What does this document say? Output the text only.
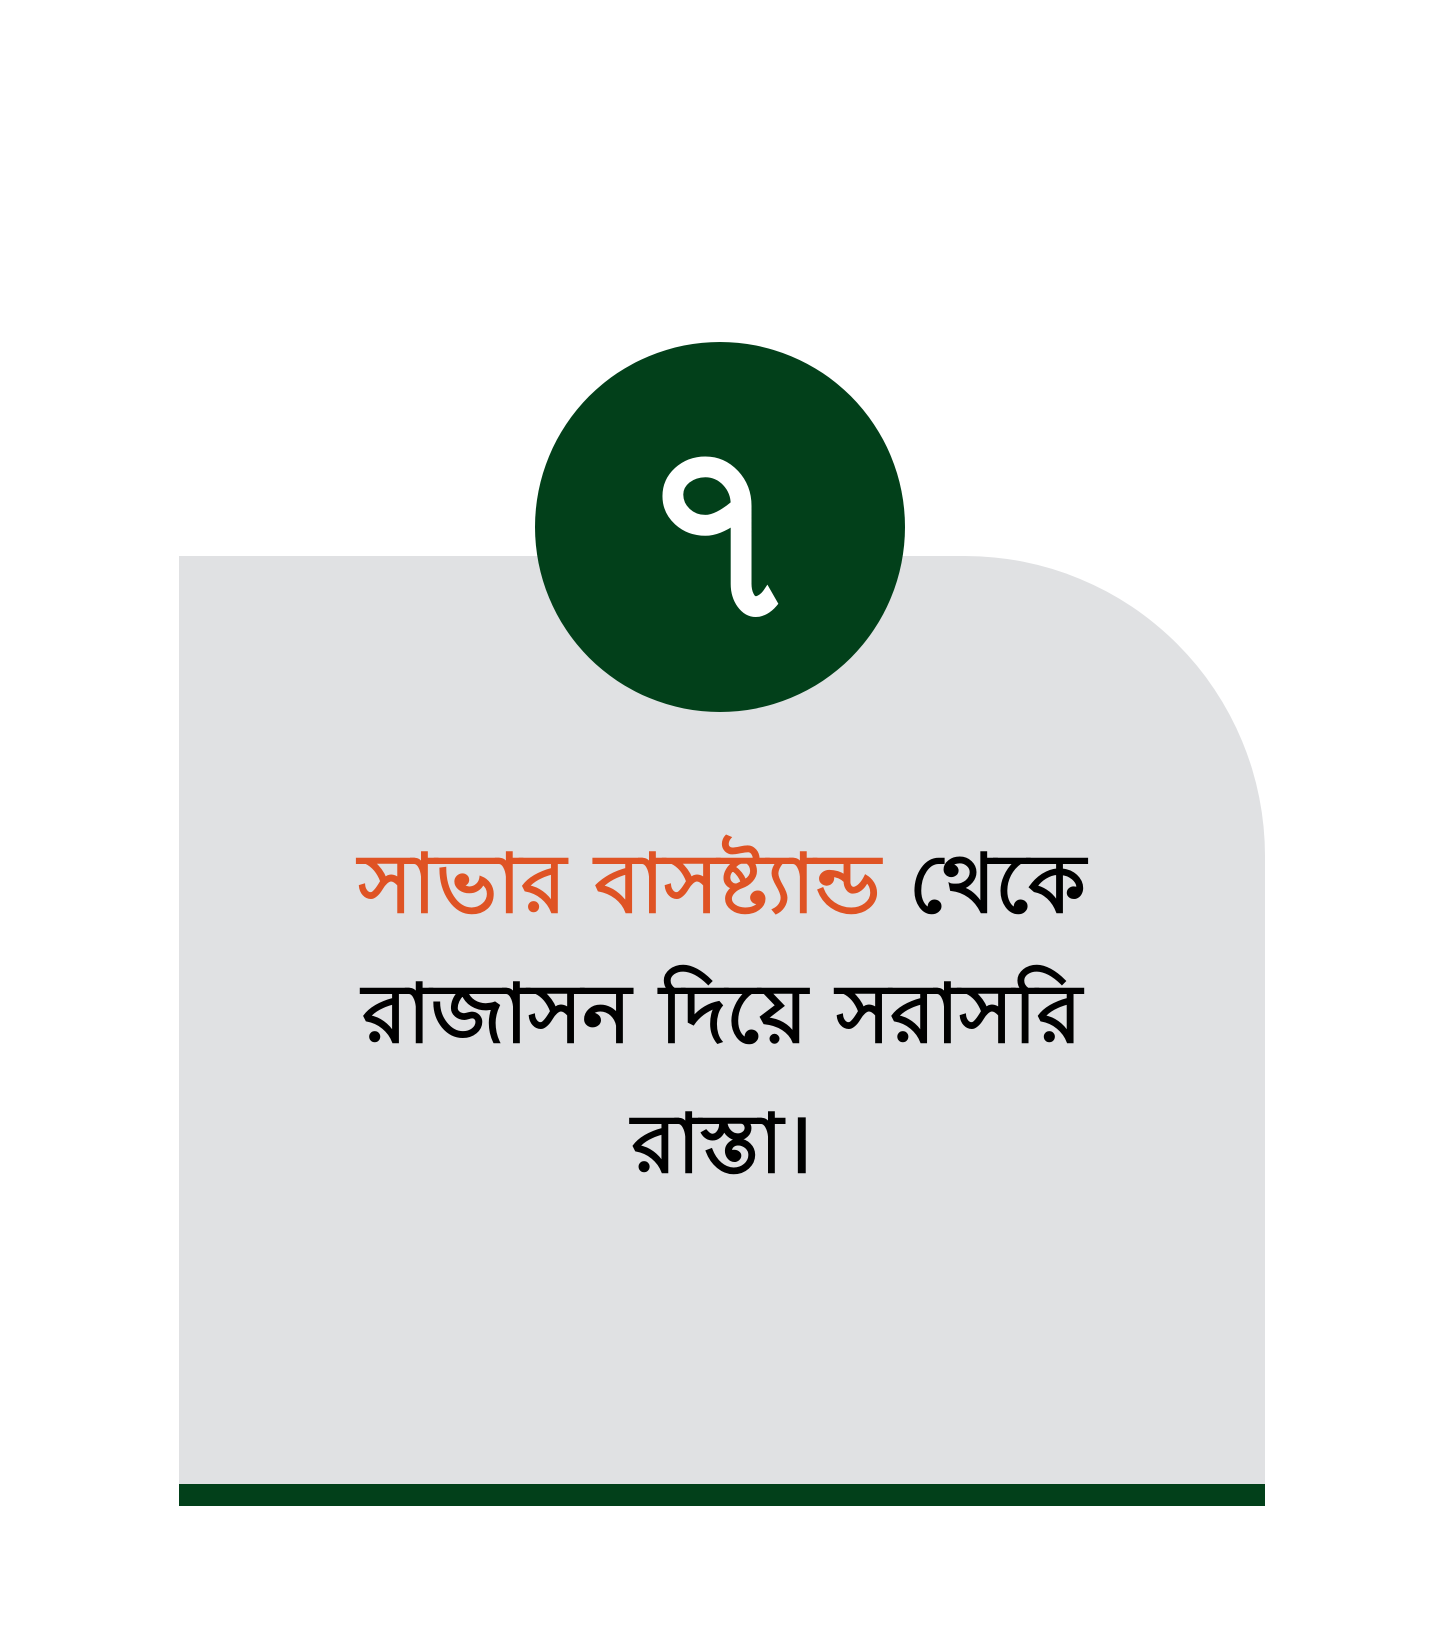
৭
সাভার বাসষ্ট্যান্ড থেকে
রাজাসন দিয়ে সরাসরি
রাস্তা।
